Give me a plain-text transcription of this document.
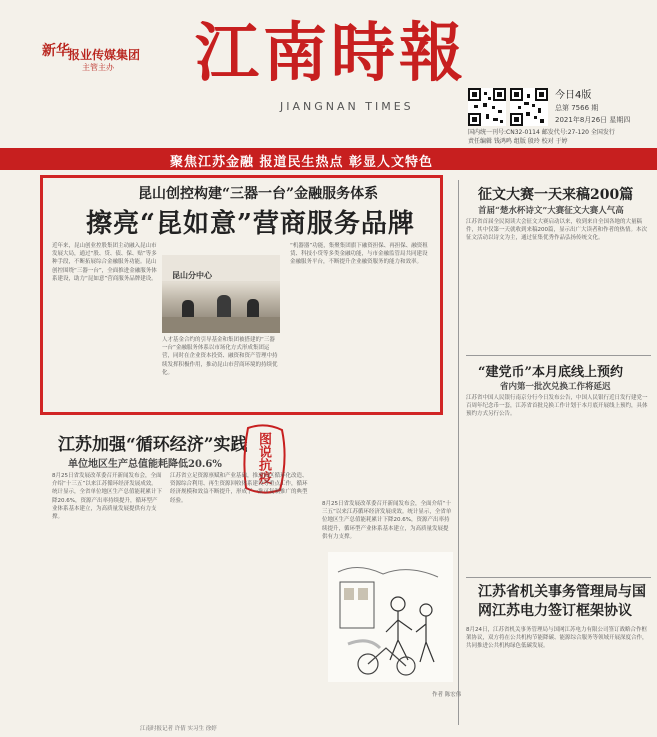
新华
报业传媒集团
主管主办 江南時報
JIANGNAN TIMES
今日4版
总第 7566 期
2021年8月26日 星期四
国内统一刊号:CN32-0114 邮发代号:27-120 全国发行
责任编辑 钱鸿鸣 组版 殷玲 校对 于婷
聚焦江苏金融 报道民生热点 彰显人文特色
昆山创控构建“三器一台”金融服务体系
擦亮“昆如意”营商服务品牌
昆山分中心
近年来，昆山创业控股集团主动融入昆山市发展大局，通过“股、贷、债、保、贴”等多种手段，不断拓展综合金融服务功能。昆山创控围绕“三器一台”，全面推进金融服务体系建设，助力“昆如意”营商服务品牌建设。
人才基金合约的引导基金和集团被搭建的“三器一台”金融服务体系以市场化方式形成集团运营，同时在企业资本投资、融资和资产管理中持续发挥积极作用，推动昆山市营商环境的持续优化。
“机器器”功能，集聚集团旗下融资担保、再担保、融资租赁、科技小贷等多类金融功能，与市金融监管局共同建设金融服务平台，不断提升企业融资服务的能力和效率。
征文大赛一天来稿200篇
首届“楚水杯诗文”大赛征文大赛人气高
江苏省首届全民阅读大会征文大赛启动以来，收到来自全国各地的大量稿件，其中仅第一天就收到来稿200篇，显示出广大读者和作者的热情。本次征文活动以诗文为主，通过征集优秀作品弘扬传统文化。
“建党币”本月底线上预约
省内第一批次兑换工作将延迟
江苏省中国人民银行南京分行今日发布公告，中国人民银行近日发行建党一百周年纪念币一套，江苏省首批兑换工作计划于本月底开展线上预约，具体预约方式另行公告。
江苏省机关事务管理局与国网江苏电力签订框架协议
8月24日，江苏省机关事务管理局与国网江苏电力有限公司签订战略合作框架协议，双方将在公共机构节能降碳、能源综合服务等领域开展深度合作，共同推进公共机构绿色低碳发展。
江苏加强“循环经济”实践
单位地区生产总值能耗降低20.6%	图说抗疫
8月25日省发展改革委召开新闻发布会，全面介绍“十三五”以来江苏循环经济发展成效。统计显示，全省单位地区生产总值能耗累计下降20.6%，资源产出率持续提升，循环型产业体系基本建立，为高质量发展提供有力支撑。
江苏省立足资源禀赋和产业基础，推进园区循环化改造、资源综合利用、再生资源回收体系建设等重点工作，循环经济规模和效益不断提升，形成了一批可复制推广的典型经验。
8月25日省发展改革委召开新闻发布会，全面介绍“十三五”以来江苏循环经济发展成效。统计显示，全省单位地区生产总值能耗累计下降20.6%，资源产出率持续提升，循环型产业体系基本建立，为高质量发展提供有力支撑。
作者 陈宏伟
江南时报记者 许倩 实习生 徐婷
